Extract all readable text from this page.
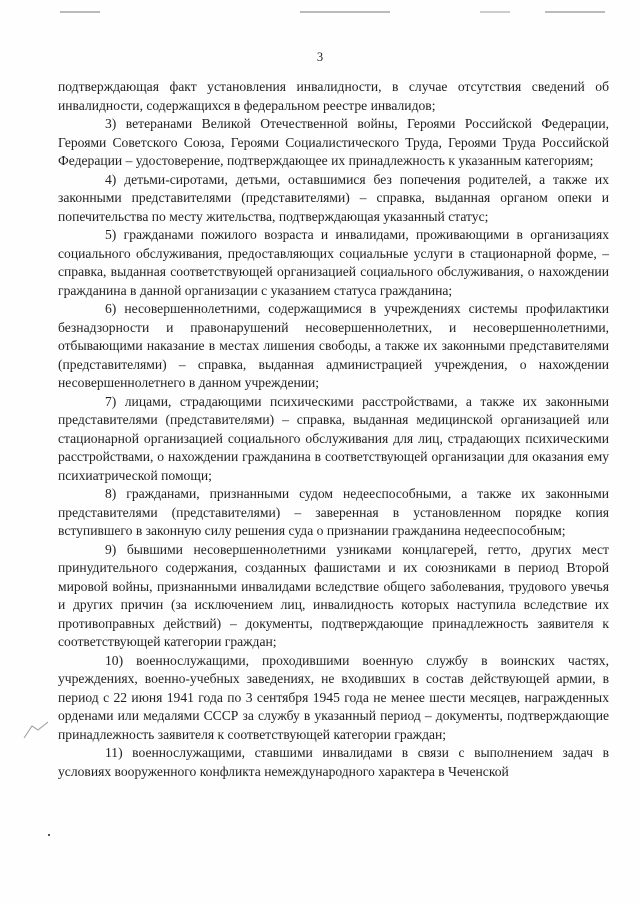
3

подтверждающая факт установления инвалидности, в случае отсутствия сведений об инвалидности, содержащихся в федеральном реестре инвалидов;

3) ветеранами Великой Отечественной войны, Героями Российской Федерации, Героями Советского Союза, Героями Социалистического Труда, Героями Труда Российской Федерации – удостоверение, подтверждающее их принадлежность к указанным категориям;

4) детьми-сиротами, детьми, оставшимися без попечения родителей, а также их законными представителями (представителями) – справка, выданная органом опеки и попечительства по месту жительства, подтверждающая указанный статус;

5) гражданами пожилого возраста и инвалидами, проживающими в организациях социального обслуживания, предоставляющих социальные услуги в стационарной форме, – справка, выданная соответствующей организацией социального обслуживания, о нахождении гражданина в данной организации с указанием статуса гражданина;

6) несовершеннолетними, содержащимися в учреждениях системы профилактики безнадзорности и правонарушений несовершеннолетних, и несовершеннолетними, отбывающими наказание в местах лишения свободы, а также их законными представителями (представителями) – справка, выданная администрацией учреждения, о нахождении несовершеннолетнего в данном учреждении;

7) лицами, страдающими психическими расстройствами, а также их законными представителями (представителями) – справка, выданная медицинской организацией или стационарной организацией социального обслуживания для лиц, страдающих психическими расстройствами, о нахождении гражданина в соответствующей организации для оказания ему психиатрической помощи;

8) гражданами, признанными судом недееспособными, а также их законными представителями (представителями) – заверенная в установленном порядке копия вступившего в законную силу решения суда о признании гражданина недееспособным;

9) бывшими несовершеннолетними узниками концлагерей, гетто, других мест принудительного содержания, созданных фашистами и их союзниками в период Второй мировой войны, признанными инвалидами вследствие общего заболевания, трудового увечья и других причин (за исключением лиц, инвалидность которых наступила вследствие их противоправных действий) – документы, подтверждающие принадлежность заявителя к соответствующей категории граждан;

10) военнослужащими, проходившими военную службу в воинских частях, учреждениях, военно-учебных заведениях, не входивших в состав действующей армии, в период с 22 июня 1941 года по 3 сентября 1945 года не менее шести месяцев, награжденных орденами или медалями СССР за службу в указанный период – документы, подтверждающие принадлежность заявителя к соответствующей категории граждан;

11) военнослужащими, ставшими инвалидами в связи с выполнением задач в условиях вооруженного конфликта немеждународного характера в Чеченской
